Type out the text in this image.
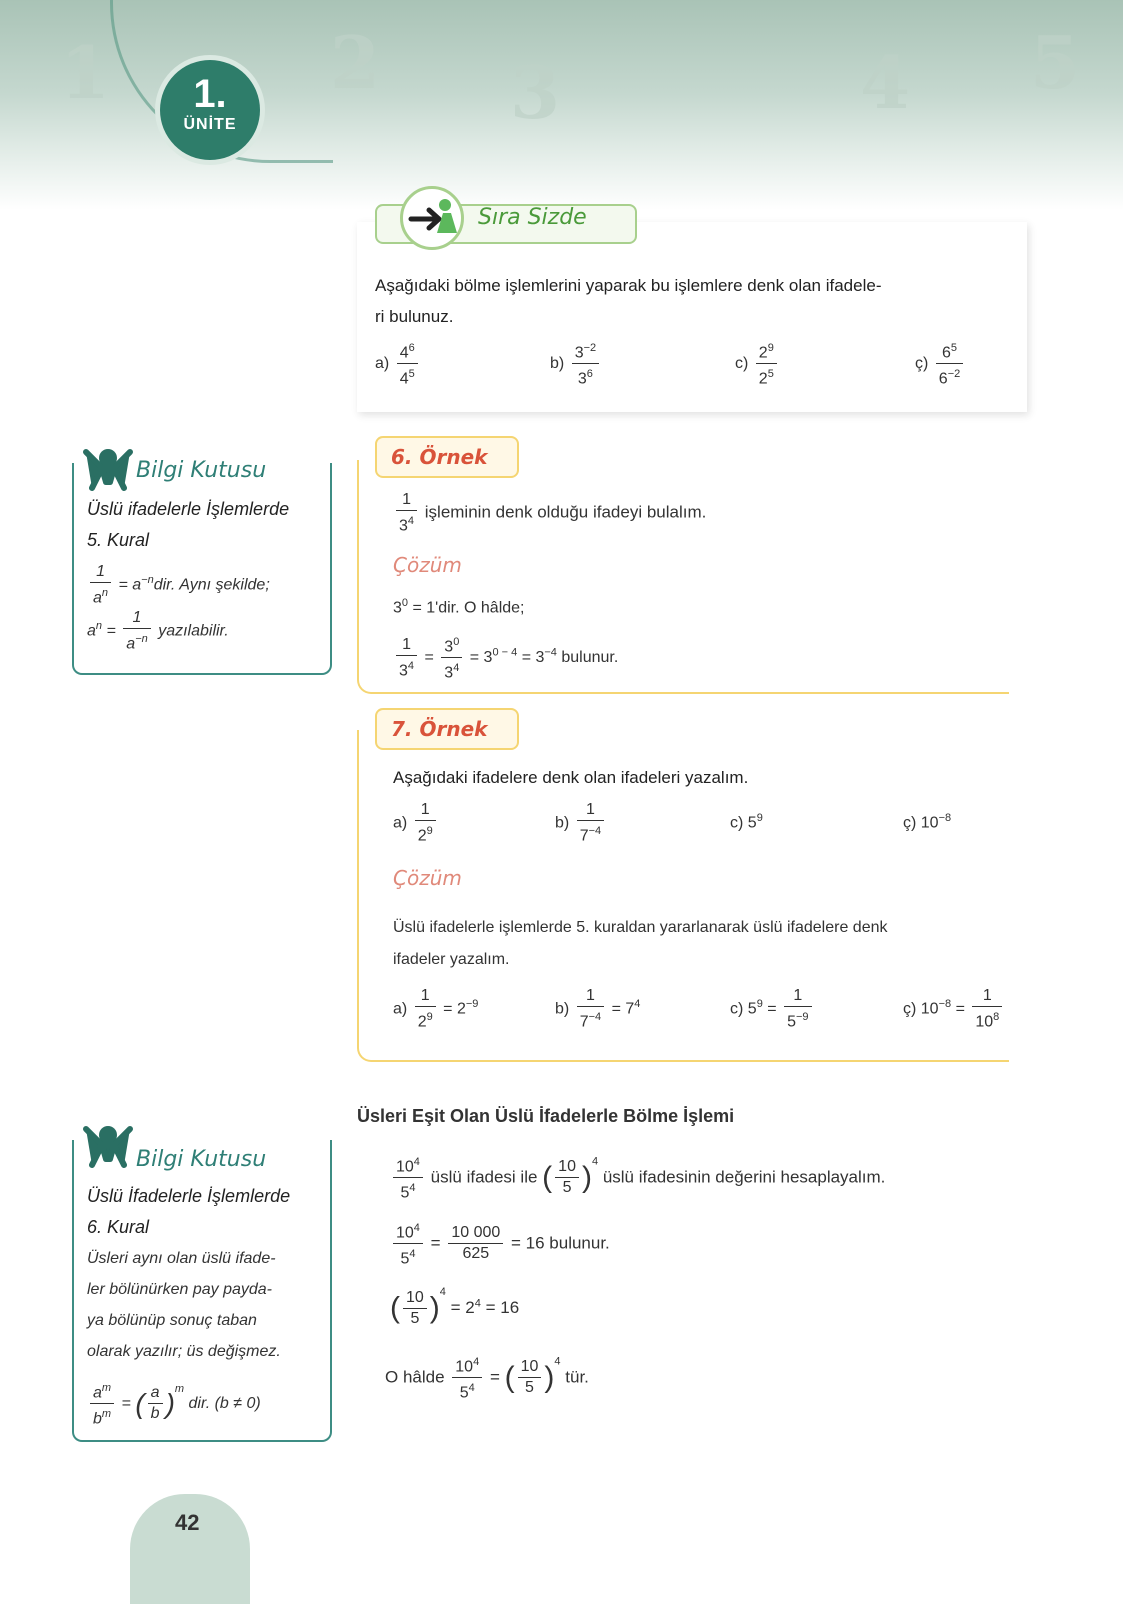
1	2 3	4 5
1.
ÜNİTE
Sıra Sizde
Aşağıdaki bölme işlemlerini yaparak bu işlemlere denk olan ifadele-
ri bulunuz.
$a) \frac{4^6}{4^5}$	$b) \frac{3^{-2}}{3^6}$	$c) \frac{2^9}{2^5}$	ç) $\frac{6^5}{6^{-2}}$
Bilgi Kutusu
Üslü ifadelerle İşlemlerde
5. Kural
$\frac{1}{a^n} = a^{-n}dir$. Aynı şekilde;
$a^n = \frac{1}{a^{-n}}$ yazılabilir.
6. Örnek
$\frac{1}{3^4}$ işleminin denk olduğu ifadeyi bulalım.
Çözüm
$3^0 = 1'dir$. O hâlde;
$\frac{1}{3^4} = \frac{3^0}{3^4} = 3^{0 - 4} = 3^{-4}$ bulunur.
7. Örnek
Aşağıdaki ifadelere denk olan ifadeleri yazalım.
$a) \frac{1}{2^9}$	$b) \frac{1}{7^{-4}}$	c) $5^9$	ç) $10^{-8}$
Çözüm
Üslü ifadelerle işlemlerde 5. kuraldan yararlanarak üslü ifadelere denk
ifadeler yazalım.
$a) \frac{1}{2^9} = 2^{-9}$	$b) \frac{1}{7^{-4}} = 7^4$	c) $5^9 = \frac{1}{5^{-9}}$	ç) $10^{-8} = \frac{1}{10^8}$
Üsleri Eşit Olan Üslü İfadelerle Bölme İşlemi
$\frac{10^4}{5^4}$ üslü ifadesi ile ( $\frac{10}{5} )^4$ üslü ifadesinin değerini hesaplayalım.
$\frac{10^4}{5^4} = \frac{10 000}{625} = 16$ bulunur.
( $\frac{10}{5} )^4 = 2^4 = 16$
O hâlde $\frac{10^4}{5^4}$ = ( $\frac{10}{5} )^4$ tür.
Bilgi Kutusu
Üslü İfadelerle İşlemlerde
6. Kural
Üsleri aynı olan üslü ifade-
ler bölünürken pay payda-
ya bölünüp sonuç taban
olarak yazılır; üs değişmez.
$\frac{a^m}{b^m}$ = ( $\frac{a}{b} )^m$ dir. (b ≠ 0)
42
